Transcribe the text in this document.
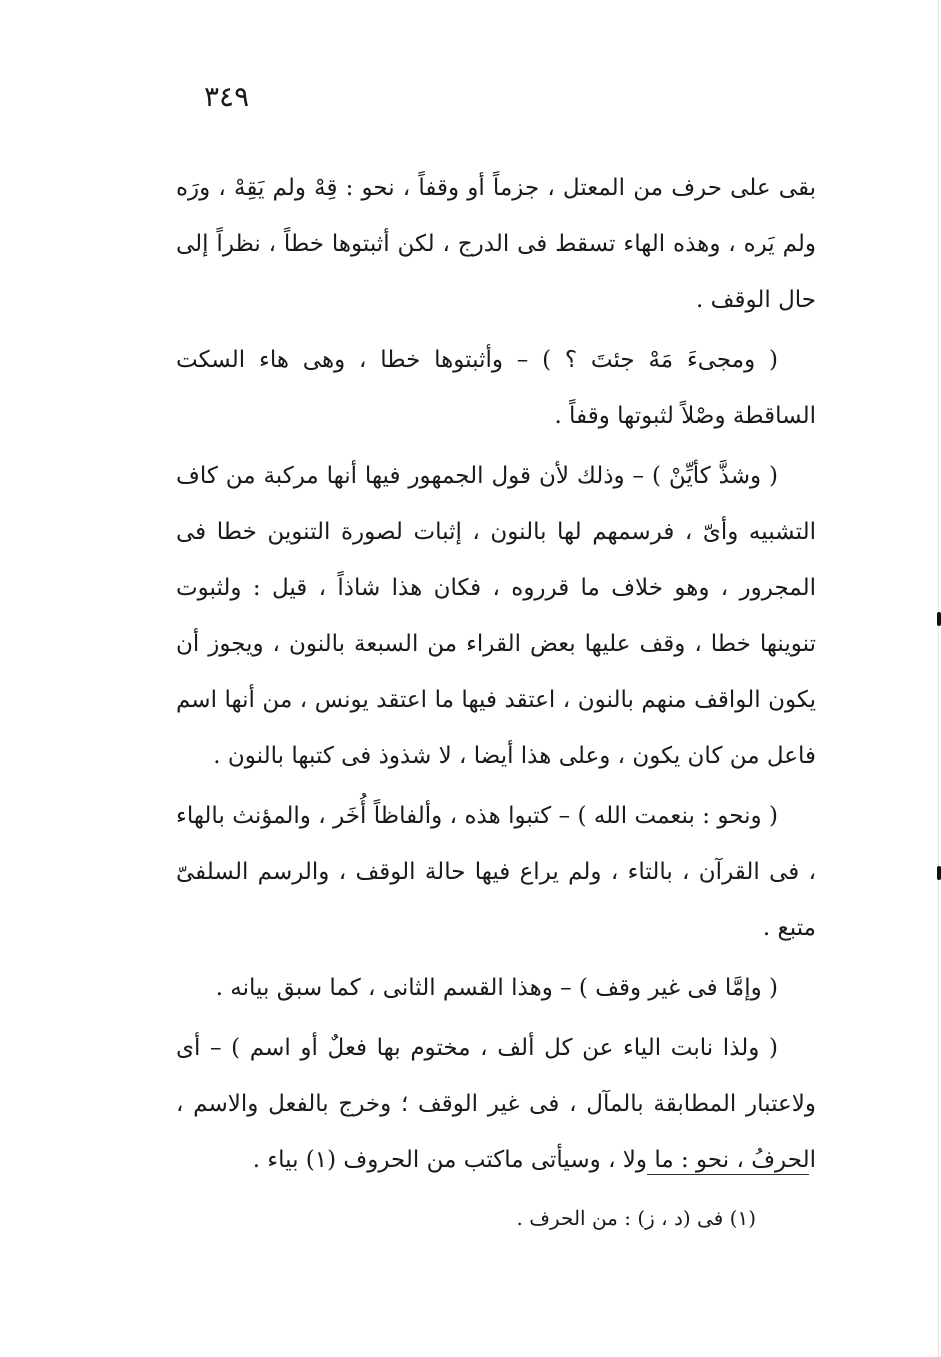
٣٤٩

بقى على حرف من المعتل ، جزماً أو وقفاً ، نحو : قِهْ ولم يَقِهْ ، ورَه ولم يَره ، وهذه الهاء تسقط فى الدرج ، لكن أثبتوها خطاً ، نظراً إلى حال الوقف .

( ومجىءَ مَهْ جئتَ ؟ ) – وأثبتوها خطا ، وهى هاء السكت الساقطة وصْلاً لثبوتها وقفاً .

( وشذَّ كأيِّنْ ) – وذلك لأن قول الجمهور فيها أنها مركبة من كاف التشبيه وأىّ ، فرسمهم لها بالنون ، إثبات لصورة التنوين خطا فى المجرور ، وهو خلاف ما قرروه ، فكان هذا شاذاً ، قيل : ولثبوت تنوينها خطا ، وقف عليها بعض القراء من السبعة بالنون ، ويجوز أن يكون الواقف منهم بالنون ، اعتقد فيها ما اعتقد يونس ، من أنها اسم فاعل من كان يكون ، وعلى هذا أيضا ، لا شذوذ فى كتبها بالنون .

( ونحو : بنعمت الله ) – كتبوا هذه ، وألفاظاً أُخَر ، والمؤنث بالهاء ، فى القرآن ، بالتاء ، ولم يراع فيها حالة الوقف ، والرسم السلفىّ متبع .

( وإمَّا فى غير وقف ) – وهذا القسم الثانى ، كما سبق بيانه .

( ولذا نابت الياء عن كل ألف ، مختوم بها فعلٌ أو اسم ) – أى ولاعتبار المطابقة بالمآل ، فى غير الوقف ؛ وخرج بالفعل والاسم ، الحرفُ ، نحو : ما ولا ، وسيأتى ماكتب من الحروف (١) بياء .

(١) فى (د ، ز) : من الحرف .
